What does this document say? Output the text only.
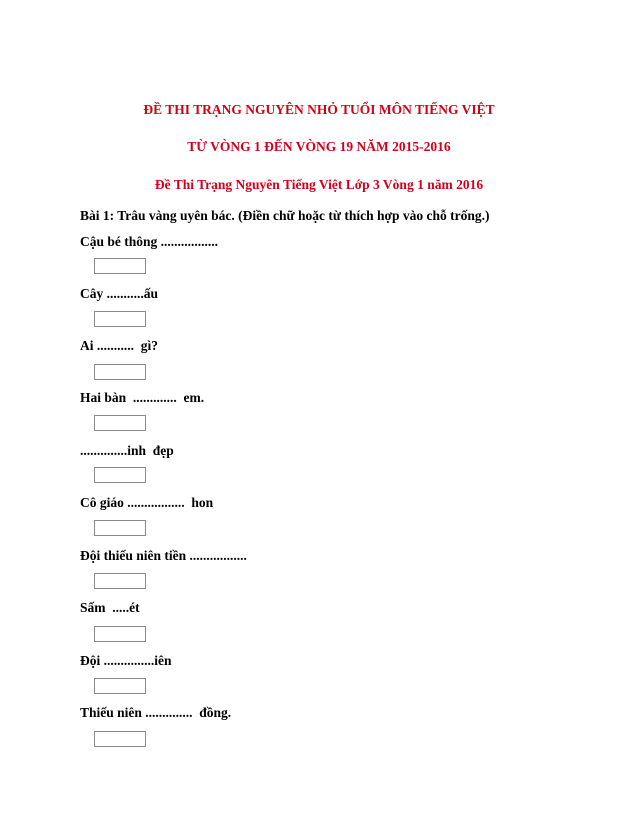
ĐỀ THI TRẠNG NGUYÊN NHỎ TUỔI MÔN TIẾNG VIỆT
TỪ VÒNG 1 ĐẾN VÒNG 19 NĂM 2015-2016
Đề Thi Trạng Nguyên Tiếng Việt Lớp 3 Vòng 1 năm 2016
Bài 1: Trâu vàng uyên bác. (Điền chữ hoặc từ thích hợp vào chỗ trống.)
Cậu bé thông .................
Cây ...........ấu
Ai ...........  gì?
Hai bàn  .............  em.
..............inh  đẹp
Cô giáo .................  hon
Đội thiếu niên tiền .................
Sấm  .....ét
Đội ...............iên
Thiếu niên ..............  đồng.
